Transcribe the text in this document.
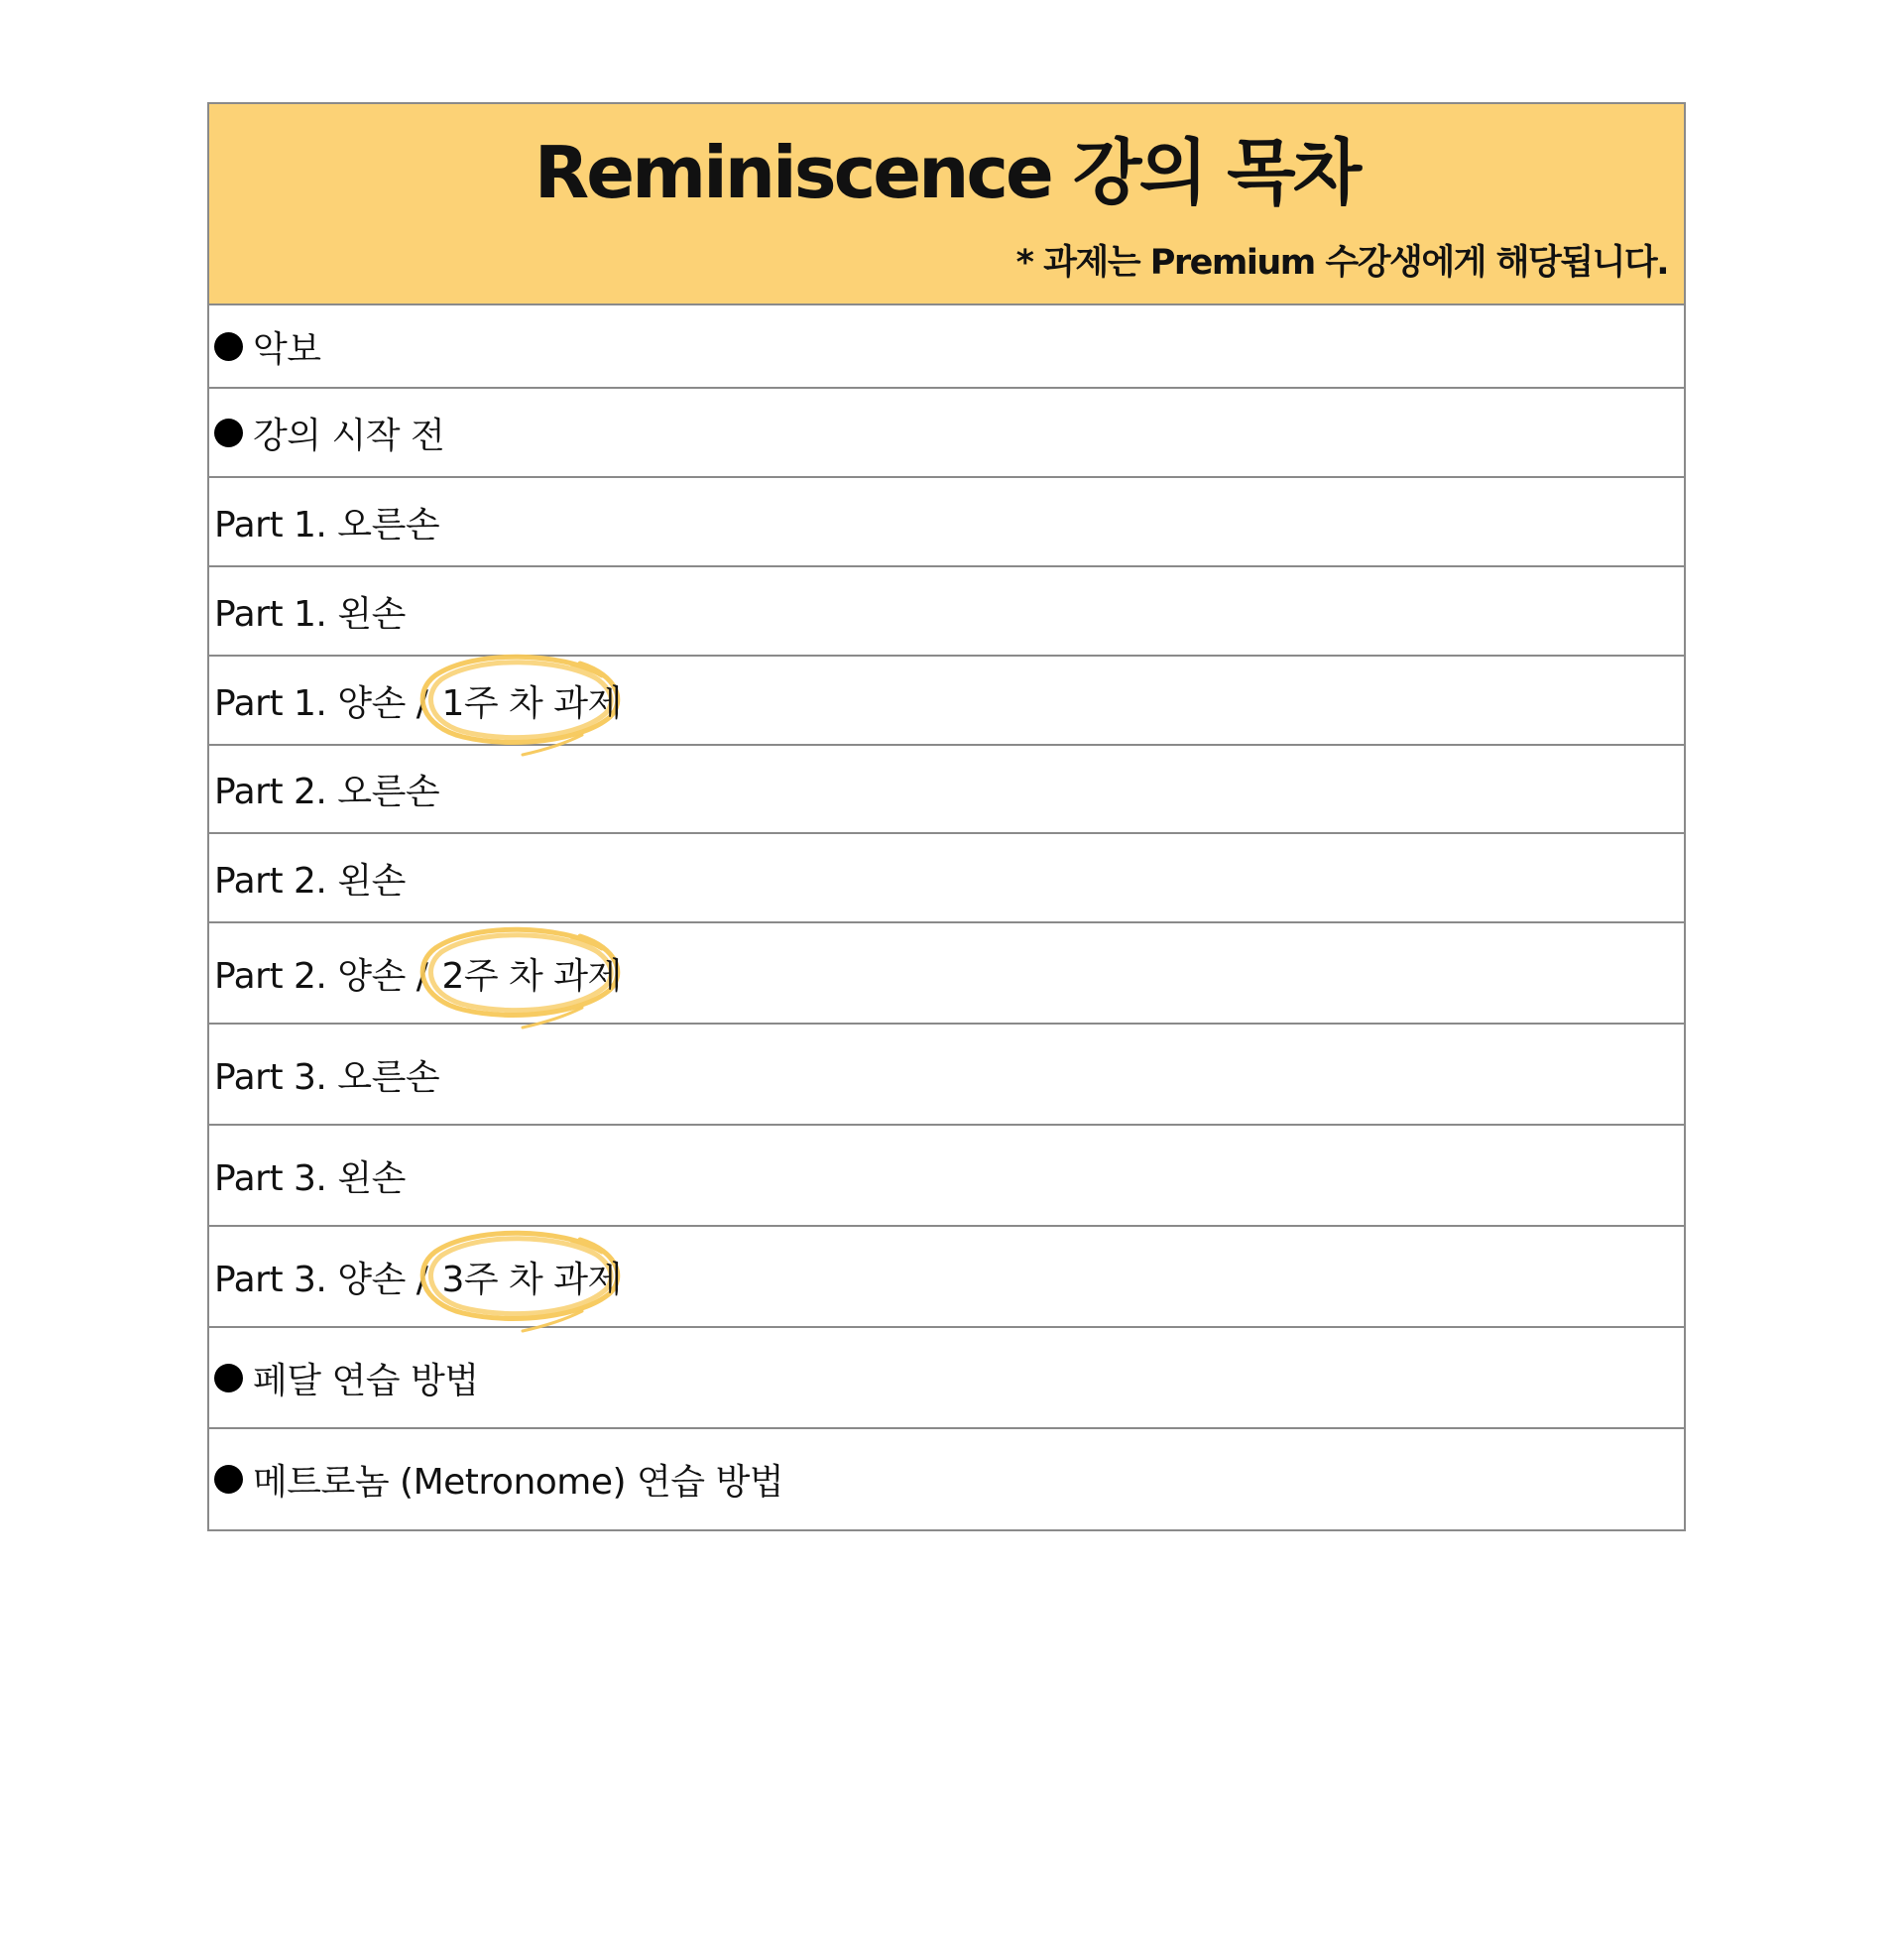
Reminiscence 강의 목차
* 과제는 Premium 수강생에게 해당됩니다.
악보
강의 시작 전
Part 1. 오른손
Part 1. 왼손
Part 1. 양손 / 1주 차 과제
Part 2. 오른손
Part 2. 왼손
Part 2. 양손 / 2주 차 과제
Part 3. 오른손
Part 3. 왼손
Part 3. 양손 / 3주 차 과제
페달 연습 방법
메트로놈 (Metronome) 연습 방법
